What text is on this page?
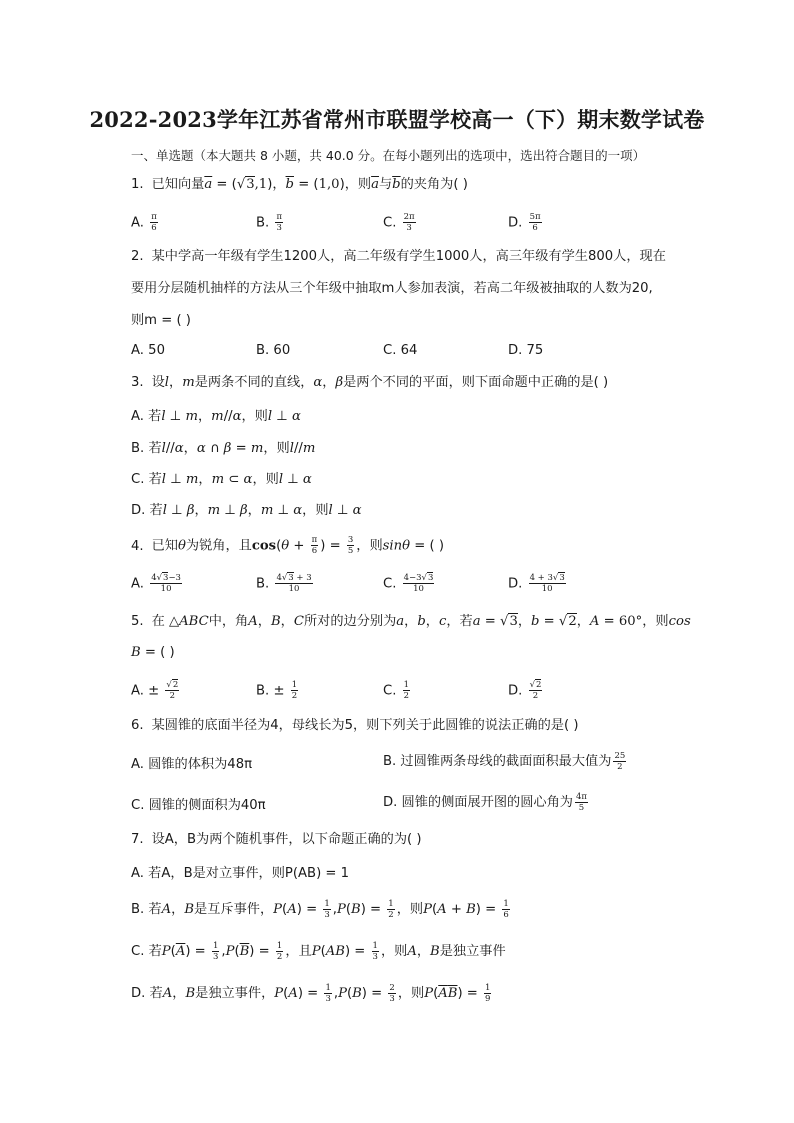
2022-2023学年江苏省常州市联盟学校高一（下）期末数学试卷
一、单选题（本大题共 8 小题，共 40.0 分。在每小题列出的选项中，选出符合题目的一项）
1. 已知向量$\overline{a} = (√3,1)$，$\overline{b} = (1,0)$，则$\overline{a}$与$\overline{b}$的夹角为( )
A. $\frac{\pi}{6}$	B. $\frac{\pi}{3}$	C. $\frac{2\pi}{3}$	D. $\frac{5\pi}{6}$
2. 某中学高一年级有学生1200人，高二年级有学生1000人，高三年级有学生800人，现在
要用分层随机抽样的方法从三个年级中抽取m人参加表演，若高二年级被抽取的人数为20,
则m = ( )
A. 50	B. 60	C. 64	D. 75
3. 设l，m是两条不同的直线，α，β是两个不同的平面，则下面命题中正确的是( )
A. 若l ⊥ m，m//α，则l ⊥ α
B. 若l//α，α ∩ β = m，则l//m
C. 若l ⊥ m，m ⊂ α，则l ⊥ α
D. 若l ⊥ β，m ⊥ β，m ⊥ α，则l ⊥ α
4. 已知θ为锐角，且$\cos(\theta + \frac{\pi}{6}$ ) = $\frac{3}{5}$ ，则sinθ = ( )
A. $\frac{4√3-3}{10}$	B. $\frac{4√3 + 3}{10}$	C. $\frac{4-3√3}{10}$	D. $\frac{4 + 3√3}{10}$
5. 在 △ABC中，角A，B，C所对的边分别为a，b，c，若a = √3，b = √2，A = 60°，则cos
B = ( )
A. ± $\frac{√2}{2}$	B. ± $\frac{1}{2}$	C. $\frac{1}{2}$	D. $\frac{√2}{2}$
6. 某圆锥的底面半径为4，母线长为5，则下列关于此圆锥的说法正确的是( )
A. 圆锥的体积为48π	B. 过圆锥两条母线的截面面积最大值为 $\frac{25}{2}$
C. 圆锥的侧面积为40π	D. 圆锥的侧面展开图的圆心角为 $\frac{4\pi}{5}$
7. 设A，B为两个随机事件，以下命题正确的为( )
A. 若A，B是对立事件，则P(AB) = 1
B. 若A，B是互斥事件，$P(A) = \frac{1}{3} ,P(B) = \frac{1}{2}$ ，则$P(A + B) = \frac{1}{6}$
C. 若$P(\overline{A}) = \frac{1}{3} ,P(\overline{B}) = \frac{1}{2}$ ，且$P(AB) = \frac{1}{3}$ ，则A，B是独立事件
D. 若A，B是独立事件，$P(A) = \frac{1}{3} ,P(B) = \frac{2}{3}$ ，则$P(\overline{A}\overline{B}) = \frac{1}{9}$
